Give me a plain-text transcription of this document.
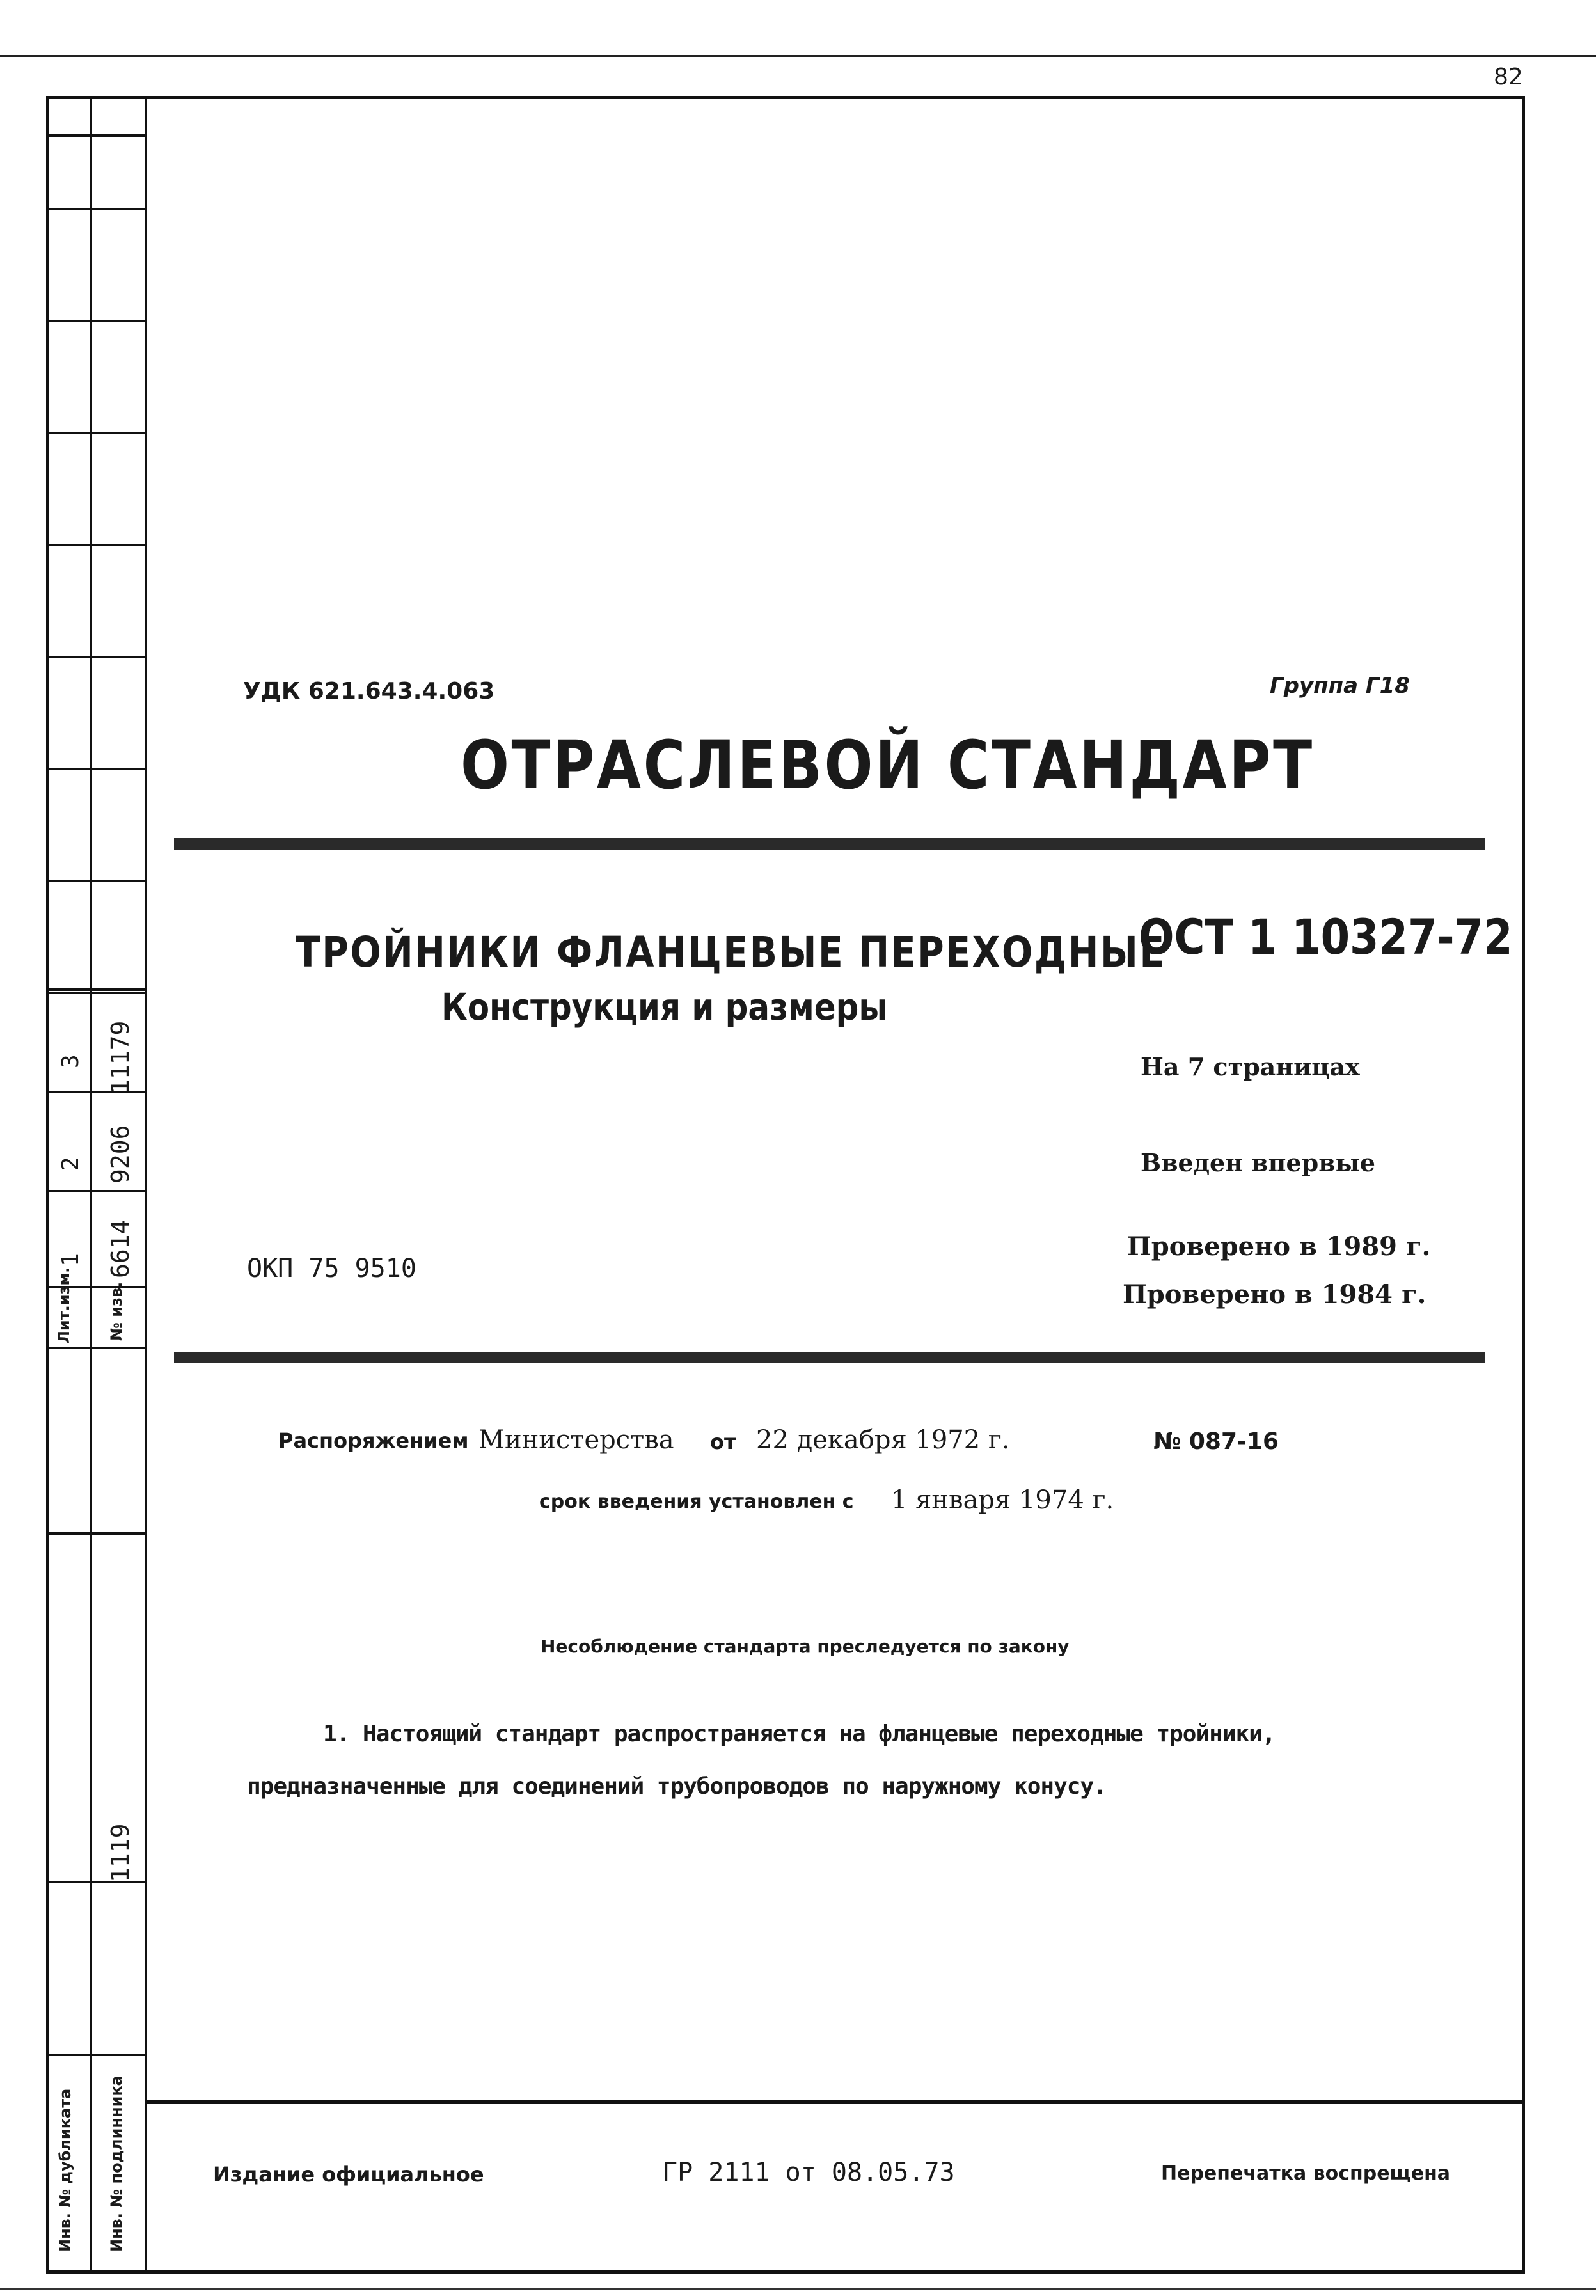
82
3 11179
2 9206
1 6614
Лит.изм. № изв.
1119
Инв. № дубликата Инв. № подлинника
УДК 621.643.4.063	Группа Г18
ОТРАСЛЕВОЙ СТАНДАРТ
ТРОЙНИКИ ФЛАНЦЕВЫЕ ПЕРЕХОДНЫЕ
Конструкция и размеры
ОСТ 1 10327-72
На 7 страницах
Введен впервые
Проверено в 1989 г.
Проверено в 1984 г.
ОКП 75 9510
Распоряжением Министерства от 22 декабря 1972 г.	№ 087-16
срок введения установлен с 1 января 1974 г.
Несоблюдение стандарта преследуется по закону
1. Настоящий стандарт распространяется на фланцевые переходные тройники,
предназначенные для соединений трубопроводов по наружному конусу.
Издание официальное	ГР 2111 от 08.05.73	Перепечатка воспрещена
